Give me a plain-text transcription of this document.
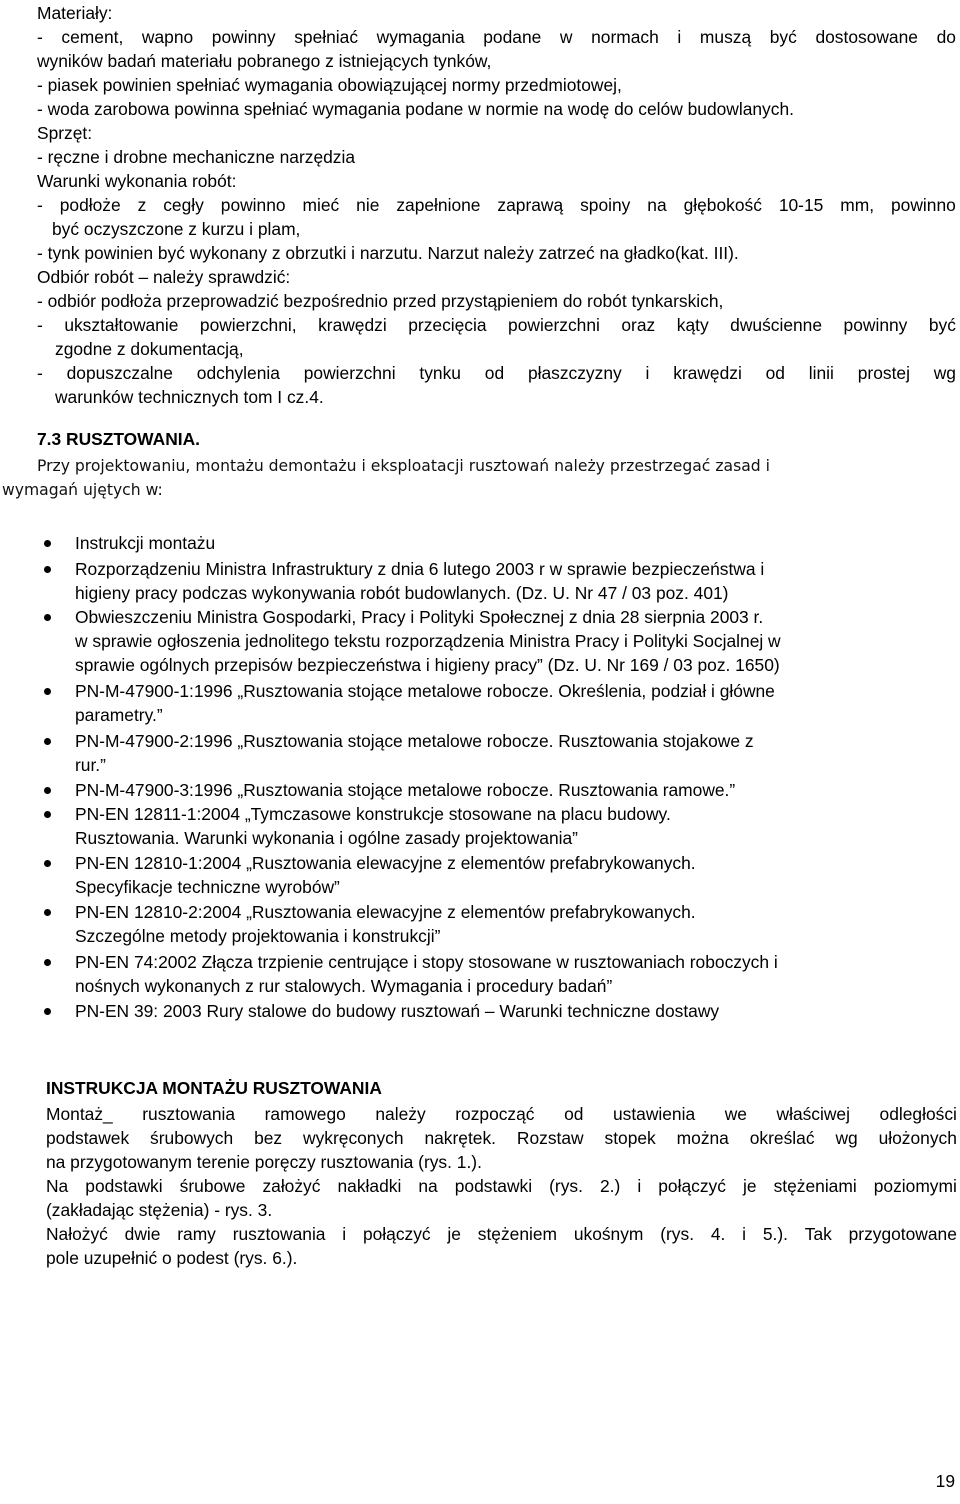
Materiały:
- cement, wapno powinny spełniać wymagania podane w normach i muszą być dostosowane do
wyników badań materiału pobranego z istniejących tynków,
- piasek powinien spełniać wymagania obowiązującej normy przedmiotowej,
- woda zarobowa powinna spełniać wymagania podane w normie na wodę do celów budowlanych.
Sprzęt:
- ręczne i drobne mechaniczne narzędzia
Warunki wykonania robót:
- podłoże z cegły powinno mieć nie zapełnione zaprawą spoiny na głębokość 10-15 mm, powinno
być oczyszczone z kurzu i plam,
- tynk powinien być wykonany z obrzutki i narzutu. Narzut należy zatrzeć na gładko(kat. III).
Odbiór robót – należy sprawdzić:
- odbiór podłoża przeprowadzić bezpośrednio przed przystąpieniem do robót tynkarskich,
- ukształtowanie powierzchni, krawędzi przecięcia powierzchni oraz kąty dwuścienne powinny być
zgodne z dokumentacją,
- dopuszczalne odchylenia powierzchni tynku od płaszczyzny i krawędzi od linii prostej wg
warunków technicznych tom I cz.4.
7.3 RUSZTOWANIA.
Przy projektowaniu, montażu demontażu i eksploatacji rusztowań należy przestrzegać zasad i
wymagań ujętych w:
Instrukcji montażu
Rozporządzeniu Ministra Infrastruktury z dnia 6 lutego 2003 r w sprawie bezpieczeństwa i
higieny pracy podczas wykonywania robót budowlanych. (Dz. U. Nr 47 / 03 poz. 401)
Obwieszczeniu Ministra Gospodarki, Pracy i Polityki Społecznej z dnia 28 sierpnia 2003 r.
w sprawie ogłoszenia jednolitego tekstu rozporządzenia Ministra Pracy i Polityki Socjalnej w
sprawie ogólnych przepisów bezpieczeństwa i higieny pracy” (Dz. U. Nr 169 / 03 poz. 1650)
PN-M-47900-1:1996 „Rusztowania stojące metalowe robocze. Określenia, podział i główne
parametry.”
PN-M-47900-2:1996 „Rusztowania stojące metalowe robocze. Rusztowania stojakowe z
rur.”
PN-M-47900-3:1996 „Rusztowania stojące metalowe robocze. Rusztowania ramowe.”
PN-EN 12811-1:2004 „Tymczasowe konstrukcje stosowane na placu budowy.
Rusztowania. Warunki wykonania i ogólne zasady projektowania”
PN-EN 12810-1:2004 „Rusztowania elewacyjne z elementów prefabrykowanych.
Specyfikacje techniczne wyrobów”
PN-EN 12810-2:2004 „Rusztowania elewacyjne z elementów prefabrykowanych.
Szczególne metody projektowania i konstrukcji”
PN-EN 74:2002 Złącza trzpienie centrujące i stopy stosowane w rusztowaniach roboczych i
nośnych wykonanych z rur stalowych. Wymagania i procedury badań”
PN-EN 39: 2003 Rury stalowe do budowy rusztowań – Warunki techniczne dostawy
INSTRUKCJA MONTAŻU RUSZTOWANIA
Montaż_ rusztowania ramowego należy rozpocząć od ustawienia we właściwej odległości
podstawek śrubowych bez wykręconych nakrętek. Rozstaw stopek można określać wg ułożonych
na przygotowanym terenie poręczy rusztowania (rys. 1.).
Na podstawki śrubowe założyć nakładki na podstawki (rys. 2.) i połączyć je stężeniami poziomymi
(zakładając stężenia) - rys. 3.
Nałożyć dwie ramy rusztowania i połączyć je stężeniem ukośnym (rys. 4. i 5.). Tak przygotowane
pole uzupełnić o podest (rys. 6.).
19
